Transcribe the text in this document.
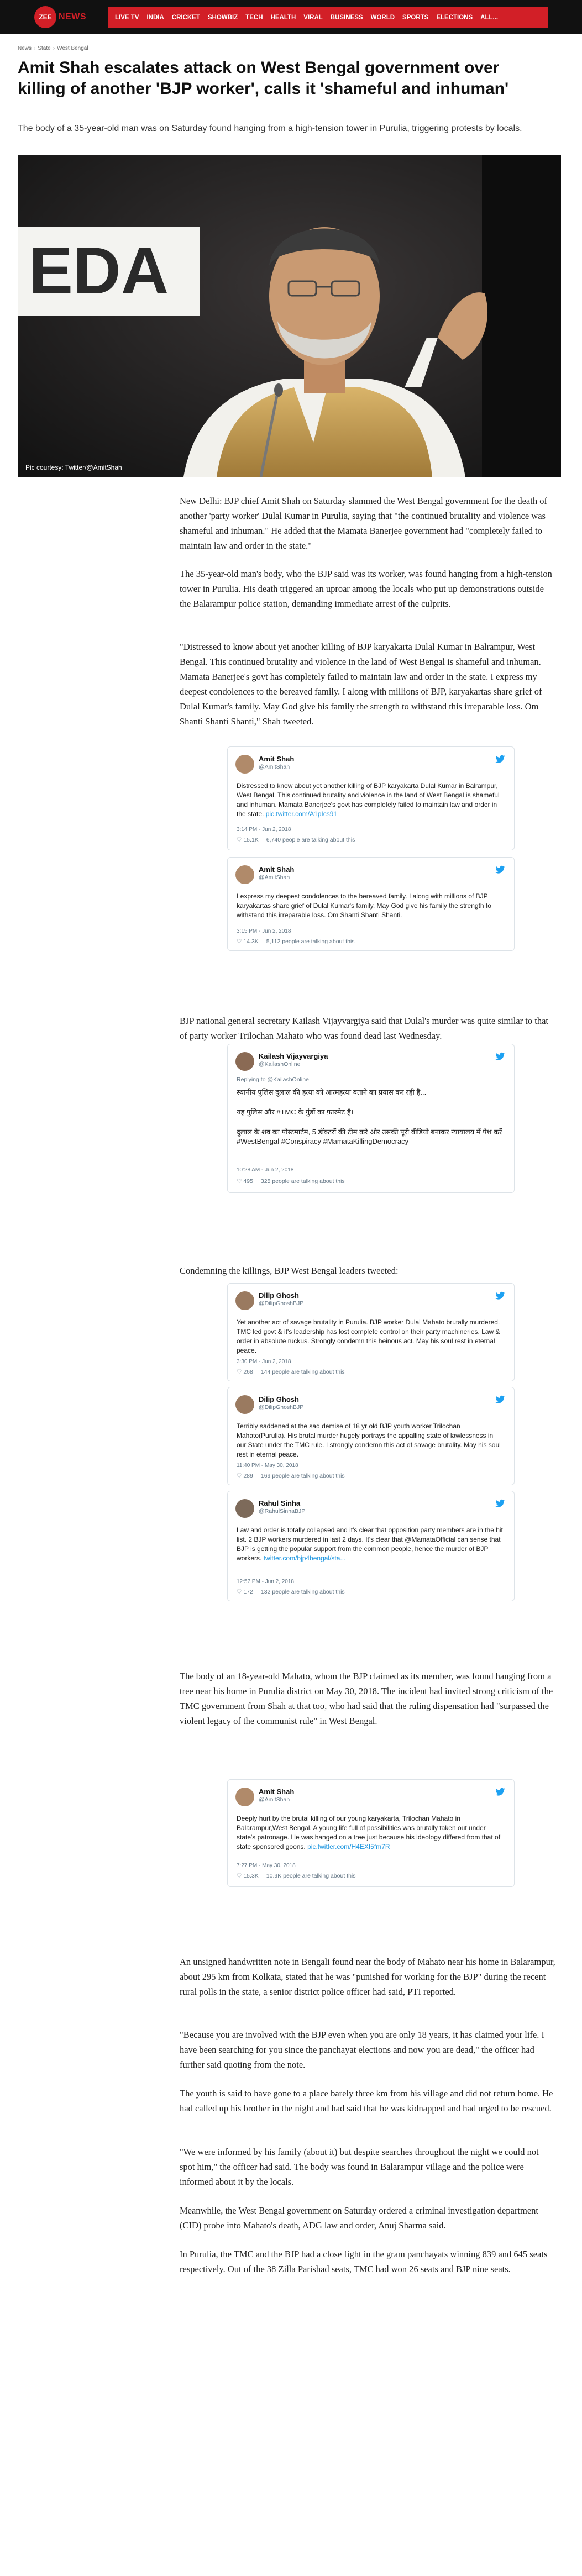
ZEE NEWS	LIVE TV INDIA CRICKET SHOWBIZ TECH HEALTH VIRAL BUSINESS WORLD SPORTS ELECTIONS ALL...
News › State › West Bengal
Amit Shah escalates attack on West Bengal government over killing of another 'BJP worker', calls it 'shameful and inhuman'

The body of a 35-year-old man was on Saturday found hanging from a high-tension tower in Purulia, triggering protests by locals.

EDA
Pic courtesy: Twitter/@AmitShah

New Delhi: BJP chief Amit Shah on Saturday slammed the West Bengal government for the death of another 'party worker' Dulal Kumar in Purulia, saying that "the continued brutality and violence was shameful and inhuman." He added that the Mamata Banerjee government had "completely failed to maintain law and order in the state."

The 35-year-old man's body, who the BJP said was its worker, was found hanging from a high-tension tower in Purulia. His death triggered an uproar among the locals who put up demonstrations outside the Balarampur police station, demanding immediate arrest of the culprits.

"Distressed to know about yet another killing of BJP karyakarta Dulal Kumar in Balrampur, West Bengal. This continued brutality and violence in the land of West Bengal is shameful and inhuman. Mamata Banerjee's govt has completely failed to maintain law and order in the state. I express my deepest condolences to the bereaved family. I along with millions of BJP, karyakartas share grief of Dulal Kumar's family. May God give his family the strength to withstand this irreparable loss. Om Shanti Shanti Shanti," Shah tweeted.

BJP national general secretary Kailash Vijayvargiya said that Dulal's murder was quite similar to that of party worker Trilochan Mahato who was found dead last Wednesday.

Condemning the killings, BJP West Bengal leaders tweeted:

The body of an 18-year-old Mahato, whom the BJP claimed as its member, was found hanging from a tree near his home in Purulia district on May 30, 2018. The incident had invited strong criticism of the TMC government from Shah at that too, who had said that the ruling dispensation had "surpassed the violent legacy of the communist rule" in West Bengal.

An unsigned handwritten note in Bengali found near the body of Mahato near his home in Balarampur, about 295 km from Kolkata, stated that he was "punished for working for the BJP" during the recent rural polls in the state, a senior district police officer had said, PTI reported.

"Because you are involved with the BJP even when you are only 18 years, it has claimed your life. I have been searching for you since the panchayat elections and now you are dead," the officer had further said quoting from the note.

The youth is said to have gone to a place barely three km from his village and did not return home. He had called up his brother in the night and had said that he was kidnapped and had urged to be rescued.

"We were informed by his family (about it) but despite searches throughout the night we could not spot him," the officer had said. The body was found in Balarampur village and the police were informed about it by the locals.

Meanwhile, the West Bengal government on Saturday ordered a criminal investigation department (CID) probe into Mahato's death, ADG law and order, Anuj Sharma said.

In Purulia, the TMC and the BJP had a close fight in the gram panchayats winning 839 and 645 seats respectively. Out of the 38 Zilla Parishad seats, TMC had won 26 seats and BJP nine seats.

Amit Shah
@AmitShah
Distressed to know about yet another killing of BJP karyakarta Dulal Kumar in Balrampur, West Bengal. This continued brutality and violence in the land of West Bengal is shameful and inhuman. Mamata Banerjee's govt has completely failed to maintain law and order in the state. pic.twitter.com/A1pIcs91
3:14 PM - Jun 2, 2018
♡ 15.1K 6,740 people are talking about this
Amit Shah
@AmitShah
I express my deepest condolences to the bereaved family. I along with millions of BJP karyakartas share grief of Dulal Kumar's family. May God give his family the strength to withstand this irreparable loss. Om Shanti Shanti Shanti.
3:15 PM - Jun 2, 2018
♡ 14.3K 5,112 people are talking about this
Kailash Vijayvargiya
@KailashOnline
Replying to @KailashOnline
स्थानीय पुलिस दुलाल की हत्या को आत्महत्या बताने का प्रयास कर रही है...
यह पुलिस और #TMC के गुंडों का फ़ारमेट है।
दुलाल के शव का पोस्टमार्टम, 5 डॉक्टरों की टीम करे और उसकी पूरी वीडियो बनाकर न्यायालय में पेश करें #WestBengal #Conspiracy #MamataKillingDemocracy
10:28 AM - Jun 2, 2018
♡ 495 325 people are talking about this
Dilip Ghosh
@DilipGhoshBJP
Yet another act of savage brutality in Purulia. BJP worker Dulal Mahato brutally murdered. TMC led govt & it's leadership has lost complete control on their party machineries. Law & order in absolute ruckus. Strongly condemn this heinous act. May his soul rest in eternal peace.
3:30 PM - Jun 2, 2018
♡ 268 144 people are talking about this
Dilip Ghosh
@DilipGhoshBJP
Terribly saddened at the sad demise of 18 yr old BJP youth worker Trilochan Mahato(Purulia). His brutal murder hugely portrays the appalling state of lawlessness in our State under the TMC rule. I strongly condemn this act of savage brutality. May his soul rest in eternal peace.
11:40 PM - May 30, 2018
♡ 289 169 people are talking about this
Rahul Sinha
@RahulSinhaBJP
Law and order is totally collapsed and it's clear that opposition party members are in the hit list. 2 BJP workers murdered in last 2 days. It's clear that @MamataOfficial can sense that BJP is getting the popular support from the common people, hence the murder of BJP workers. twitter.com/bjp4bengal/sta...
12:57 PM - Jun 2, 2018
♡ 172 132 people are talking about this
Amit Shah
@AmitShah
Deeply hurt by the brutal killing of our young karyakarta, Trilochan Mahato in Balarampur,West Bengal. A young life full of possibilities was brutally taken out under state's patronage. He was hanged on a tree just because his ideology differed from that of state sponsored goons. pic.twitter.com/H4EXI5fm7R
7:27 PM - May 30, 2018
♡ 15.3K 10.9K people are talking about this
